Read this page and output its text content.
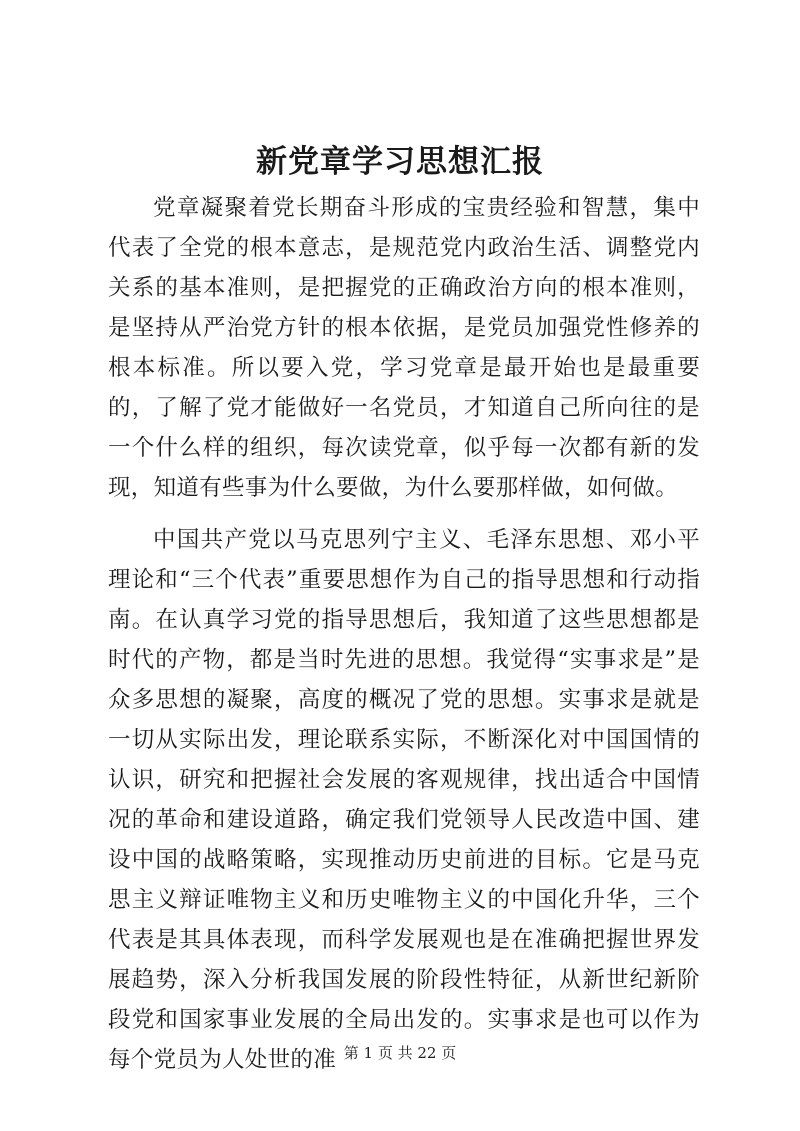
新党章学习思想汇报

党章凝聚着党长期奋斗形成的宝贵经验和智慧，集中代表了全党的根本意志，是规范党内政治生活、调整党内关系的基本准则，是把握党的正确政治方向的根本准则，是坚持从严治党方针的根本依据，是党员加强党性修养的根本标准。所以要入党，学习党章是最开始也是最重要的，了解了党才能做好一名党员，才知道自己所向往的是一个什么样的组织，每次读党章，似乎每一次都有新的发现，知道有些事为什么要做，为什么要那样做，如何做。

中国共产党以马克思列宁主义、毛泽东思想、邓小平理论和“三个代表”重要思想作为自己的指导思想和行动指南。在认真学习党的指导思想后，我知道了这些思想都是时代的产物，都是当时先进的思想。我觉得“实事求是”是众多思想的凝聚，高度的概况了党的思想。实事求是就是一切从实际出发，理论联系实际，不断深化对中国国情的认识，研究和把握社会发展的客观规律，找出适合中国情况的革命和建设道路，确定我们党领导人民改造中国、建设中国的战略策略，实现推动历史前进的目标。它是马克思主义辩证唯物主义和历史唯物主义的中国化升华，三个代表是其具体表现，而科学发展观也是在准确把握世界发展趋势，深入分析我国发展的阶段性特征，从新世纪新阶段党和国家事业发展的全局出发的。实事求是也可以作为每个党员为人处世的准 第 1 页 共 22 页
